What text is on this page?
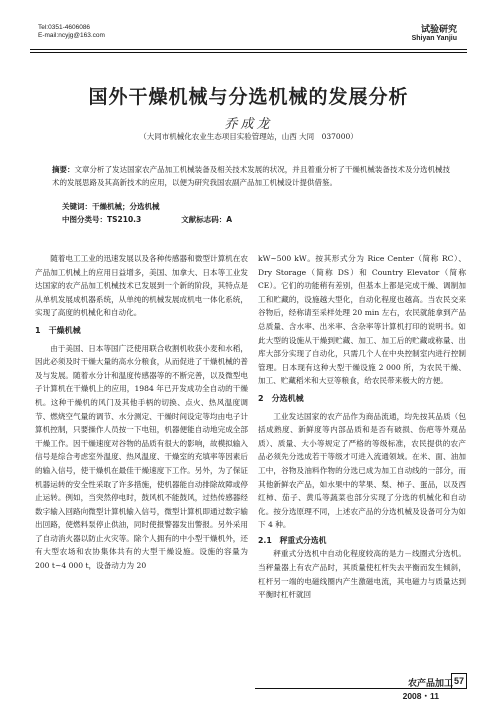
Tel:0351-4606086
E-mail:ncyjg@163.com
试验研究
Shiyan Yanjiu
国外干燥机械与分选机械的发展分析
乔成龙
（大同市机械化农业生态项目实验管理站，山西 大同　037000）
摘要：文章分析了发达国家农产品加工机械装备及相关技术发展的状况，并且着重分析了干燥机械装备技术及分选机械技术的发展思路及其高新技术的应用，以便为研究我国农副产品加工机械设计提供借鉴。
关键词：干燥机械；分选机械
中图分类号：TS210.3	文献标志码：A

随着电工工业的迅速发展以及各种传感器和微型计算机在农产品加工机械上的应用日益增多，美国、加拿大、日本等工业发达国家的农产品加工机械技术已发展到一个新的阶段，其特点是从单机发展成机器系统，从单纯的机械发展成机电一体化系统，实现了高度的机械化和自动化。

1　干燥机械

由于美国、日本等国广泛使用联合收割机收获小麦和水稻，因此必须及时干燥大量的高水分粮食，从而促进了干燥机械的普及与发展。随着水分计和温度传感器等的不断完善，以及微型电子计算机在干燥机上的应用，1984 年已开发成功全自动的干燥机。这种干燥机的风门及其他手柄的切换、点火、热风温度调节、燃烧空气量的调节、水分测定、干燥时间设定等均由电子计算机控制，只要操作人员按一下电钮，机器便能自动地完成全部干燥工作。因干燥速度对谷物的品质有很大的影响，故模拟输入信号是综合考虑室外温度、热风温度、干燥室的充填率等因素后的输入信号，使干燥机在最佳干燥速度下工作。另外，为了保证机器运转的安全性采取了许多措施，使机器能自动排除故障或停止运转。例如，当突然停电时，鼓风机不能鼓风，过热传感器经数字输入回路向微型计算机输入信号，微型计算机即通过数字输出回路，使燃料泵停止供油，同时使报警器发出警报。另外采用了自动消火器以防止火灾等。除个人拥有的中小型干燥机外，还有大型农场和农协集体共有的大型干燥设施。设施的容量为 200 t~4 000 t，设备动力为 20

kW~500 kW。按其形式分为 Rice Center（简称 RC）、Dry Storage（简称 DS）和 Country Elevator（简称 CE）。它们的功能稍有差别，但基本上都是完成干燥、调制加工和贮藏的，设施越大型化，自动化程度也越高。当农民交来谷物后，经称请至采样处理 20 min 左右，农民就能拿到产品总质量、含水率、出米率、含杂率等计算机打印的说明书。如此大型的设施从干燥到贮藏、加工、加工后的贮藏或称量、出库大部分实现了自动化，只需几个人在中央控制室内进行控制管理。日本现有这种大型干燥设施 2 000 所，为农民干燥、加工、贮藏稻米和大豆等粮食，给农民带来极大的方便。

2　分选机械

工业发达国家的农产品作为商品流通，均先按其品质（包括成熟度、新鲜度等内部品质和是否有破损、伤疤等外观品质）、质量、大小等规定了严格的等级标准，农民提供的农产品必须先分选成若干等级才可进入流通领域。在米、面、油加工中，谷物及油料作物的分选已成为加工自动线的一部分，而其他新鲜农产品，如水果中的苹果、梨、柿子、蛋品，以及西红柿、茄子、黄瓜等蔬菜也部分实现了分选的机械化和自动化。按分选原理不同，上述农产品的分选机械及设备可分为如下 4 种。

2.1　秤重式分选机

秤重式分选机中自动化程度较高的是力－线圈式分选机。当秤量器上有农产品时，其质量使杠杆失去平衡而发生倾斜，杠杆另一端的电磁线圈内产生激磁电流，其电磁力与质量达到平衡时杠杆就回

农产品加工 57
2008・11
